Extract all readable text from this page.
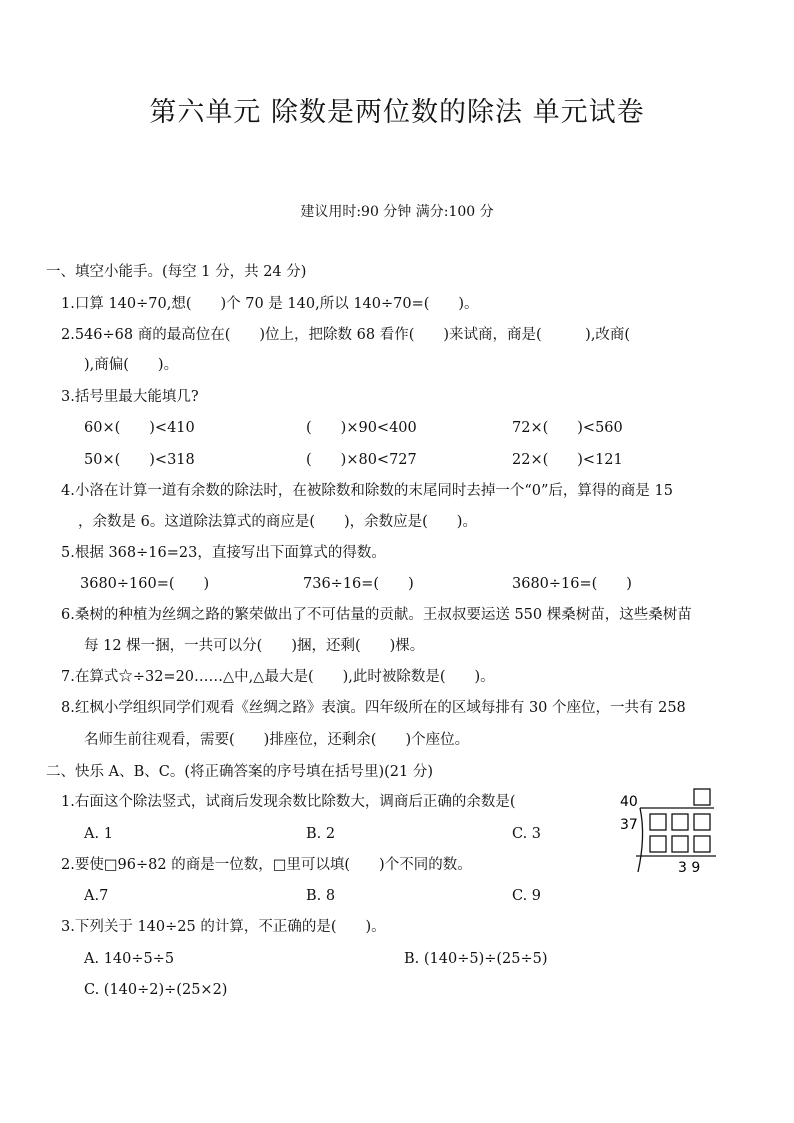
第六单元 除数是两位数的除法 单元试卷
建议用时:90 分钟 满分:100 分
一、填空小能手。(每空 1 分，共 24 分)
1.口算 140÷70,想(　　)个 70 是 140,所以 140÷70=(　　)。
2.546÷68 商的最高位在(　　)位上，把除数 68 看作(　　)来试商，商是(　　　),改商(
),商偏(　　)。
3.括号里最大能填几?
60×(　　)<410	(　　)×90<400	72×(　　)<560
50×(　　)<318	(　　)×80<727	22×(　　)<121
4.小洛在计算一道有余数的除法时，在被除数和除数的末尾同时去掉一个“0”后，算得的商是 15
，余数是 6。这道除法算式的商应是(　　)，余数应是(　　)。
5.根据 368÷16=23，直接写出下面算式的得数。
3680÷160=(　　)	736÷16=(　　)	3680÷16=(　　)
6.桑树的种植为丝绸之路的繁荣做出了不可估量的贡献。王叔叔要运送 550 棵桑树苗，这些桑树苗
每 12 棵一捆，一共可以分(　　)捆，还剩(　　)棵。
7.在算式☆÷32=20……△中,△最大是(　　),此时被除数是(　　)。
8.红枫小学组织同学们观看《丝绸之路》表演。四年级所在的区域每排有 30 个座位，一共有 258
名师生前往观看，需要(　　)排座位，还剩余(　　)个座位。
二、快乐 A、B、C。(将正确答案的序号填在括号里)(21 分)
1.右面这个除法竖式，试商后发现余数比除数大，调商后正确的余数是(
A. 1	B. 2	C. 3
2.要使□96÷82 的商是一位数，□里可以填(　　)个不同的数。
A.7	B. 8	C. 9
3.下列关于 140÷25 的计算，不正确的是(　　)。
A. 140÷5÷5	B. (140÷5)÷(25÷5)
C. (140÷2)÷(25×2)
40
37
3 9
